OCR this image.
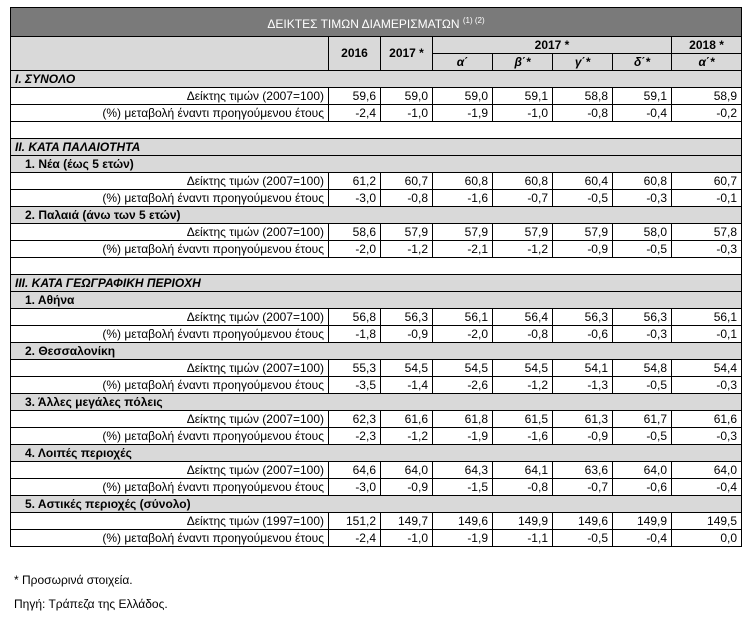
ΔΕΙΚΤΕΣ ΤΙΜΩΝ ΔΙΑΜΕΡΙΣΜΑΤΩΝ $^{(1) (2)}$
	2016	2017 *	2017 *				2018 *
			α΄	β΄*	γ΄*	δ΄*	α΄*
I. ΣΥΝΟΛΟ							
Δείκτης τιμών (2007=100)	59,6	59,0	59,0	59,1	58,8	59,1	58,9
(%) μεταβολή έναντι προηγούμενου έτους	-2,4	-1,0	-1,9	-1,0	-0,8	-0,4	-0,2

II. ΚΑΤΑ ΠΑΛΑΙΟΤΗΤΑ							
1. Νέα (έως 5 ετών)							
Δείκτης τιμών (2007=100)	61,2	60,7	60,8	60,8	60,4	60,8	60,7
(%) μεταβολή έναντι προηγούμενου έτους	-3,0	-0,8	-1,6	-0,7	-0,5	-0,3	-0,1
2. Παλαιά (άνω των 5 ετών)							
Δείκτης τιμών (2007=100)	58,6	57,9	57,9	57,9	57,9	58,0	57,8
(%) μεταβολή έναντι προηγούμενου έτους	-2,0	-1,2	-2,1	-1,2	-0,9	-0,5	-0,3

III. ΚΑΤΑ ΓΕΩΓΡΑΦΙΚΗ ΠΕΡΙΟΧΗ							
1. Αθήνα							
Δείκτης τιμών (2007=100)	56,8	56,3	56,1	56,4	56,3	56,3	56,1
(%) μεταβολή έναντι προηγούμενου έτους	-1,8	-0,9	-2,0	-0,8	-0,6	-0,3	-0,1
2. Θεσσαλονίκη							
Δείκτης τιμών (2007=100)	55,3	54,5	54,5	54,5	54,1	54,8	54,4
(%) μεταβολή έναντι προηγούμενου έτους	-3,5	-1,4	-2,6	-1,2	-1,3	-0,5	-0,3
3. Άλλες μεγάλες πόλεις							
Δείκτης τιμών (2007=100)	62,3	61,6	61,8	61,5	61,3	61,7	61,6
(%) μεταβολή έναντι προηγούμενου έτους	-2,3	-1,2	-1,9	-1,6	-0,9	-0,5	-0,3
4. Λοιπές περιοχές							
Δείκτης τιμών (2007=100)	64,6	64,0	64,3	64,1	63,6	64,0	64,0
(%) μεταβολή έναντι προηγούμενου έτους	-3,0	-0,9	-1,5	-0,8	-0,7	-0,6	-0,4
5. Αστικές περιοχές (σύνολο)							
Δείκτης τιμών (1997=100)	151,2	149,7	149,6	149,9	149,6	149,9	149,5
(%) μεταβολή έναντι προηγούμενου έτους	-2,4	-1,0	-1,9	-1,1	-0,5	-0,4	0,0
* Προσωρινά στοιχεία.
Πηγή: Τράπεζα της Ελλάδος.
